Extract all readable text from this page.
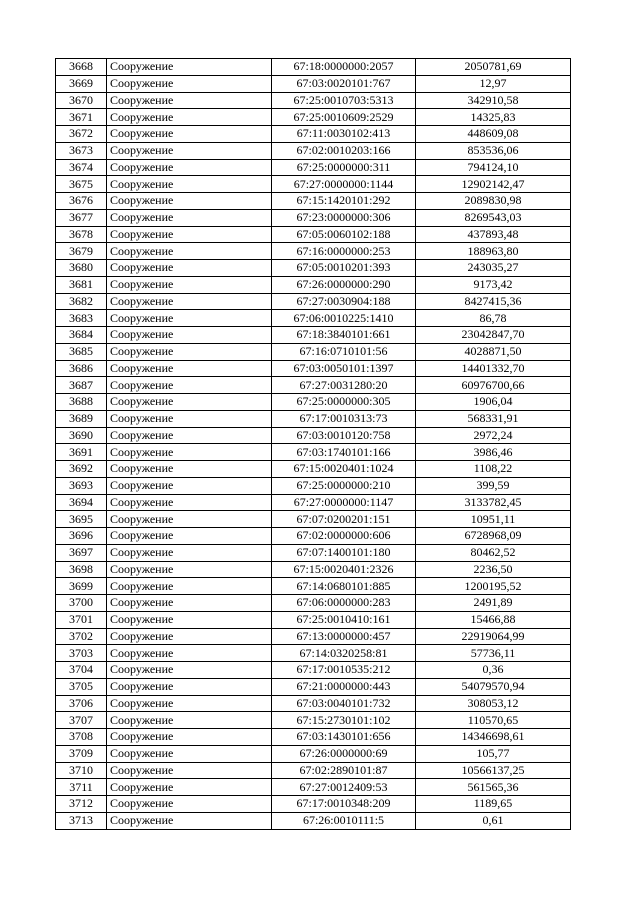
3668	Сооружение	67:18:0000000:2057	2050781,69
3669	Сооружение	67:03:0020101:767	12,97
3670	Сооружение	67:25:0010703:5313	342910,58
3671	Сооружение	67:25:0010609:2529	14325,83
3672	Сооружение	67:11:0030102:413	448609,08
3673	Сооружение	67:02:0010203:166	853536,06
3674	Сооружение	67:25:0000000:311	794124,10
3675	Сооружение	67:27:0000000:1144	12902142,47
3676	Сооружение	67:15:1420101:292	2089830,98
3677	Сооружение	67:23:0000000:306	8269543,03
3678	Сооружение	67:05:0060102:188	437893,48
3679	Сооружение	67:16:0000000:253	188963,80
3680	Сооружение	67:05:0010201:393	243035,27
3681	Сооружение	67:26:0000000:290	9173,42
3682	Сооружение	67:27:0030904:188	8427415,36
3683	Сооружение	67:06:0010225:1410	86,78
3684	Сооружение	67:18:3840101:661	23042847,70
3685	Сооружение	67:16:0710101:56	4028871,50
3686	Сооружение	67:03:0050101:1397	14401332,70
3687	Сооружение	67:27:0031280:20	60976700,66
3688	Сооружение	67:25:0000000:305	1906,04
3689	Сооружение	67:17:0010313:73	568331,91
3690	Сооружение	67:03:0010120:758	2972,24
3691	Сооружение	67:03:1740101:166	3986,46
3692	Сооружение	67:15:0020401:1024	1108,22
3693	Сооружение	67:25:0000000:210	399,59
3694	Сооружение	67:27:0000000:1147	3133782,45
3695	Сооружение	67:07:0200201:151	10951,11
3696	Сооружение	67:02:0000000:606	6728968,09
3697	Сооружение	67:07:1400101:180	80462,52
3698	Сооружение	67:15:0020401:2326	2236,50
3699	Сооружение	67:14:0680101:885	1200195,52
3700	Сооружение	67:06:0000000:283	2491,89
3701	Сооружение	67:25:0010410:161	15466,88
3702	Сооружение	67:13:0000000:457	22919064,99
3703	Сооружение	67:14:0320258:81	57736,11
3704	Сооружение	67:17:0010535:212	0,36
3705	Сооружение	67:21:0000000:443	54079570,94
3706	Сооружение	67:03:0040101:732	308053,12
3707	Сооружение	67:15:2730101:102	110570,65
3708	Сооружение	67:03:1430101:656	14346698,61
3709	Сооружение	67:26:0000000:69	105,77
3710	Сооружение	67:02:2890101:87	10566137,25
3711	Сооружение	67:27:0012409:53	561565,36
3712	Сооружение	67:17:0010348:209	1189,65
3713	Сооружение	67:26:0010111:5	0,61
